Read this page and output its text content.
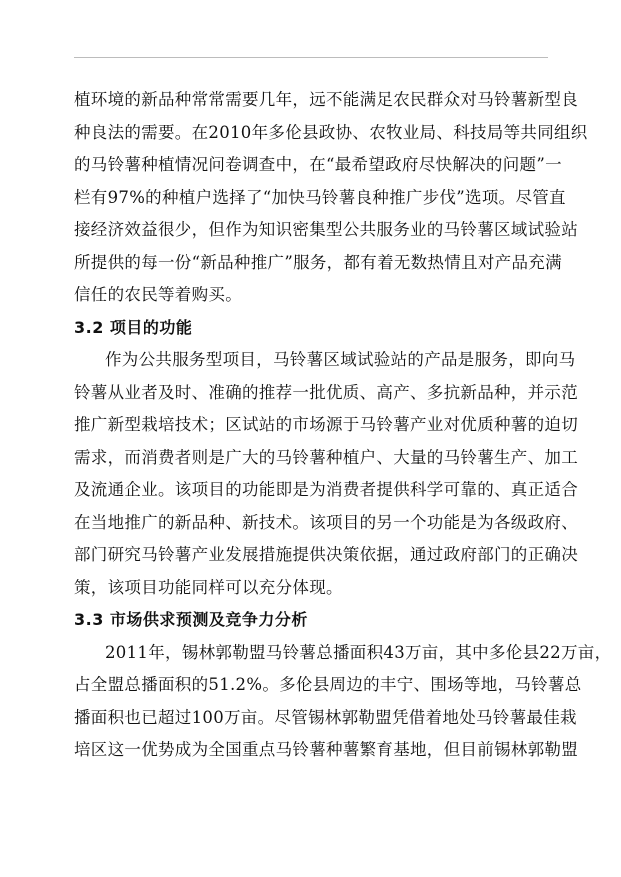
植环境的新品种常常需要几年，远不能满足农民群众对马铃薯新型良
种良法的需要。在2010年多伦县政协、农牧业局、科技局等共同组织
的马铃薯种植情况问卷调查中，在“最希望政府尽快解决的问题”一
栏有97%的种植户选择了“加快马铃薯良种推广步伐”选项。尽管直
接经济效益很少，但作为知识密集型公共服务业的马铃薯区域试验站
所提供的每一份“新品种推广”服务，都有着无数热情且对产品充满
信任的农民等着购买。
3.2 项目的功能
作为公共服务型项目，马铃薯区域试验站的产品是服务，即向马
铃薯从业者及时、准确的推荐一批优质、高产、多抗新品种，并示范
推广新型栽培技术；区试站的市场源于马铃薯产业对优质种薯的迫切
需求，而消费者则是广大的马铃薯种植户、大量的马铃薯生产、加工
及流通企业。该项目的功能即是为消费者提供科学可靠的、真正适合
在当地推广的新品种、新技术。该项目的另一个功能是为各级政府、
部门研究马铃薯产业发展措施提供决策依据，通过政府部门的正确决
策，该项目功能同样可以充分体现。
3.3 市场供求预测及竞争力分析
2011年，锡林郭勒盟马铃薯总播面积43万亩，其中多伦县22万亩，
占全盟总播面积的51.2%。多伦县周边的丰宁、围场等地，马铃薯总
播面积也已超过100万亩。尽管锡林郭勒盟凭借着地处马铃薯最佳栽
培区这一优势成为全国重点马铃薯种薯繁育基地，但目前锡林郭勒盟
